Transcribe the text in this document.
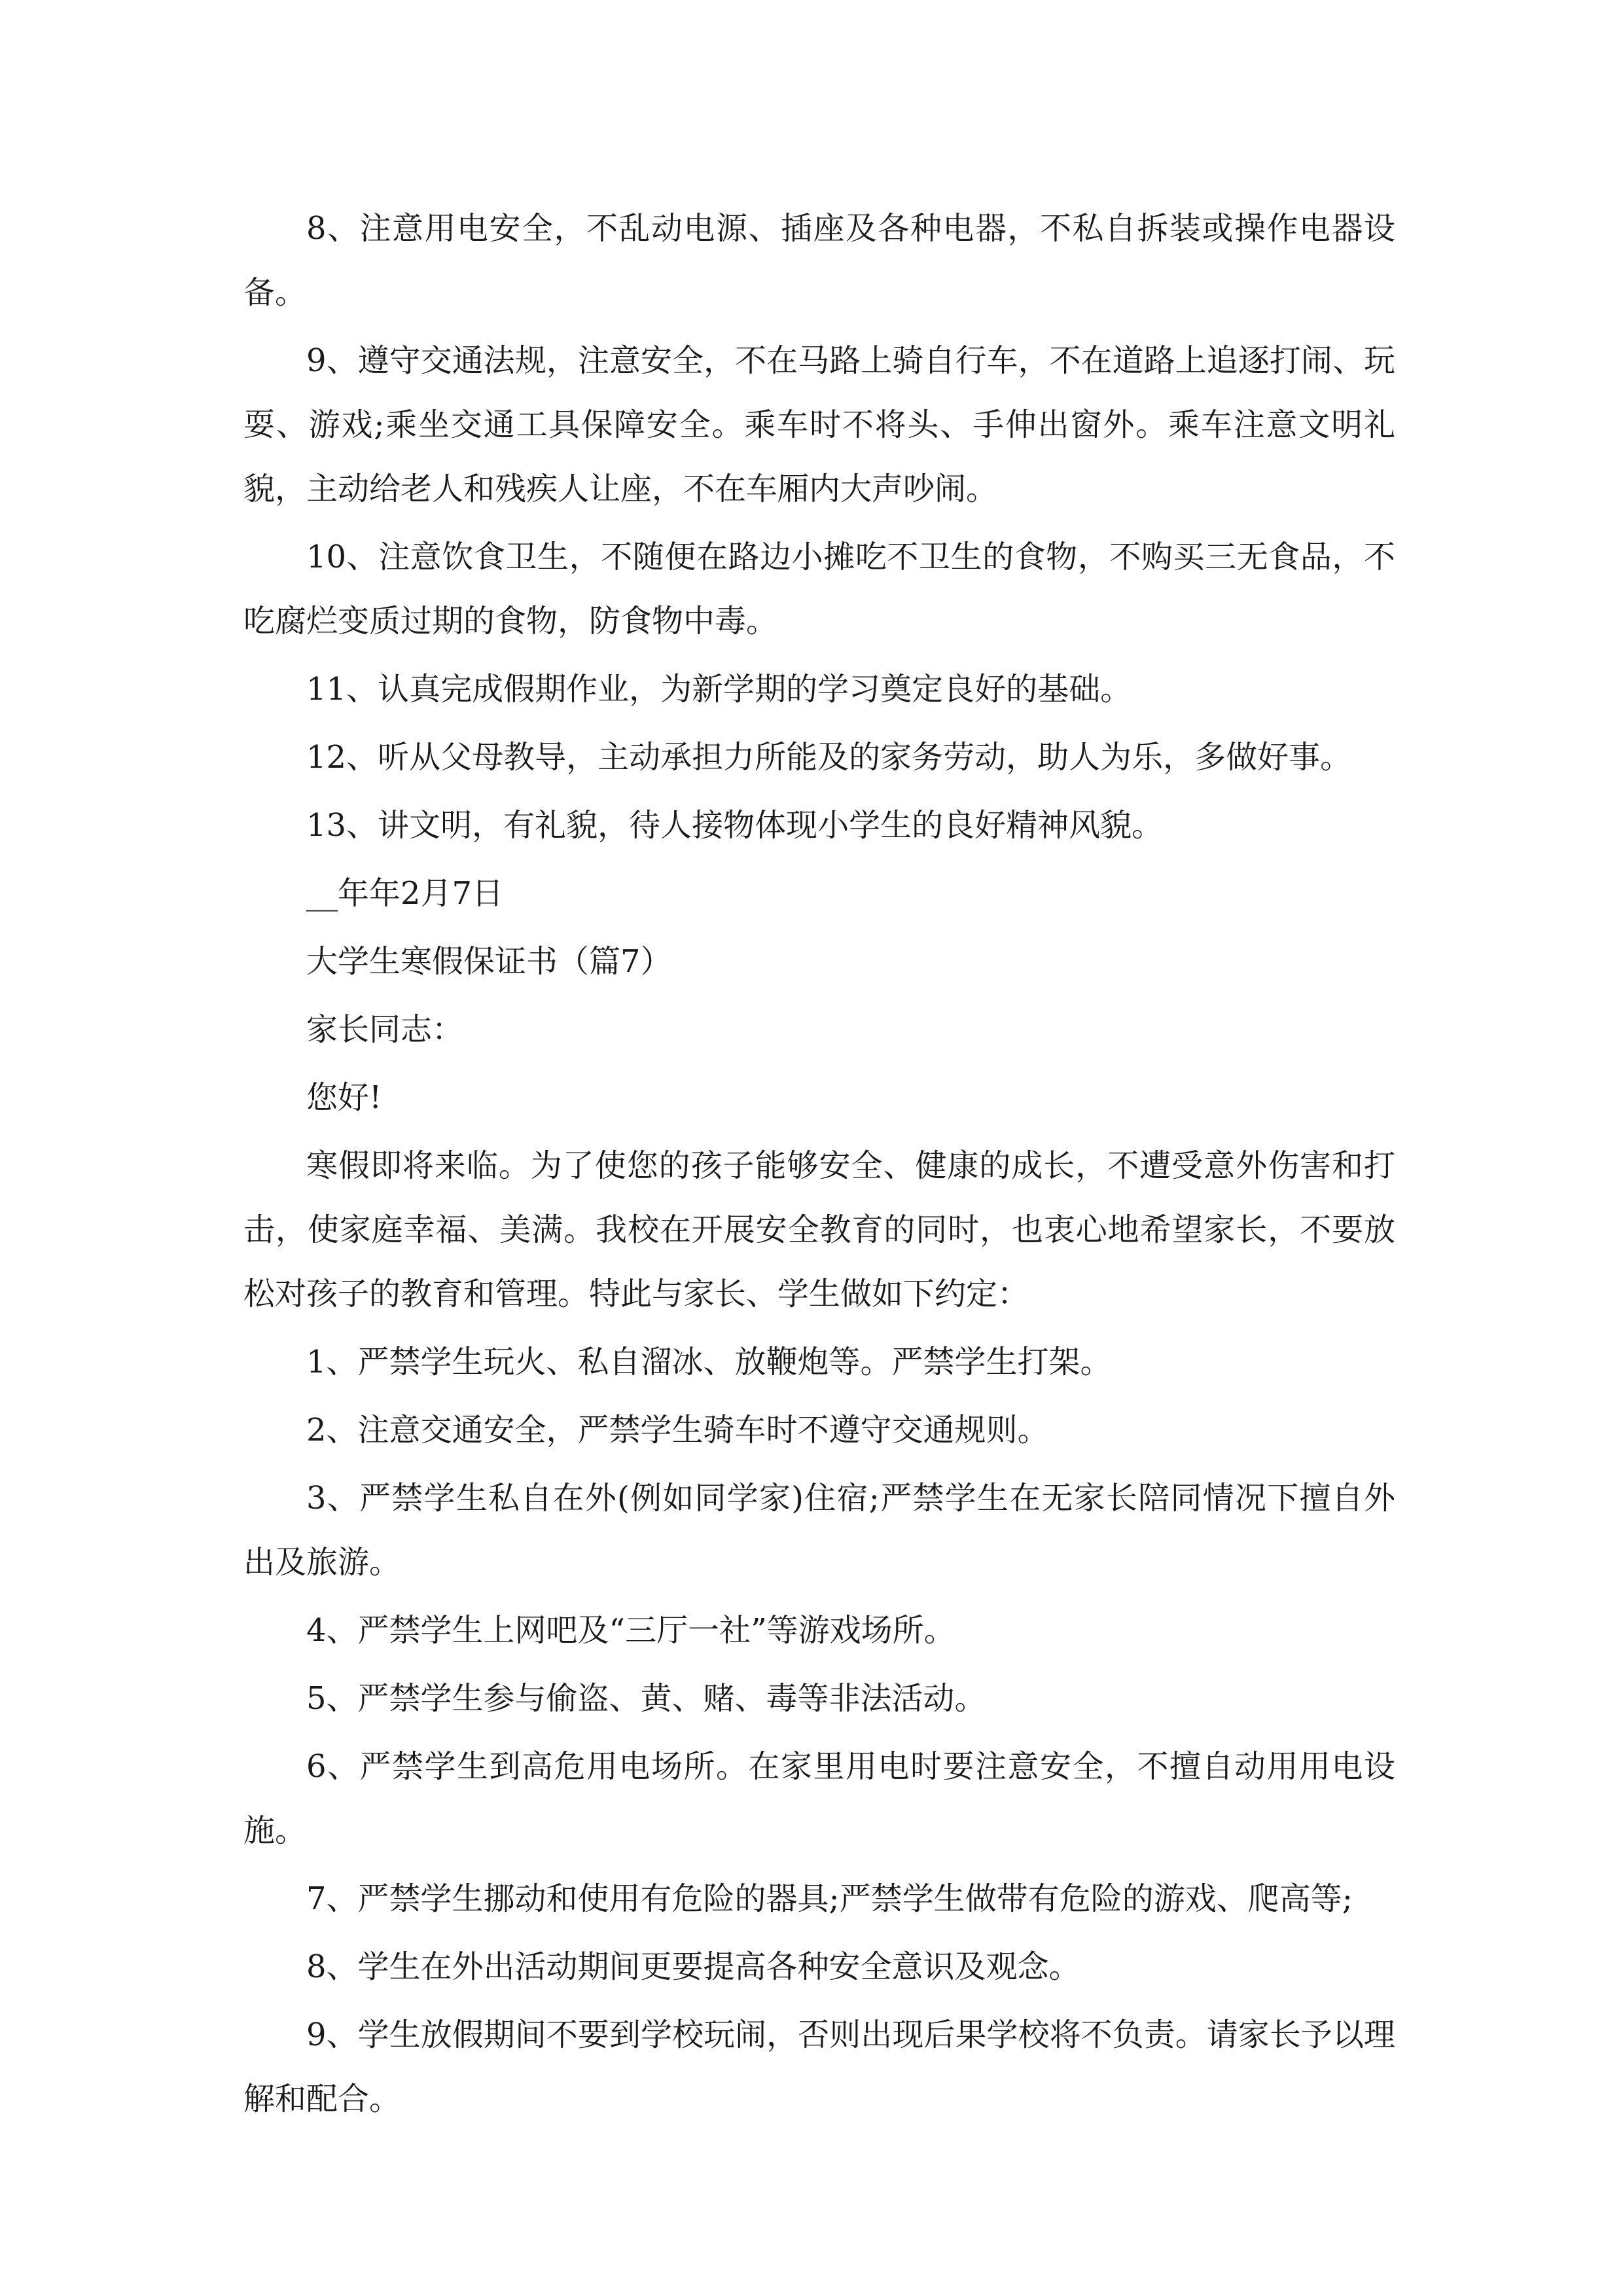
8、注意用电安全，不乱动电源、插座及各种电器，不私自拆装或操作电器设备。

9、遵守交通法规，注意安全，不在马路上骑自行车，不在道路上追逐打闹、玩耍、游戏;乘坐交通工具保障安全。乘车时不将头、手伸出窗外。乘车注意文明礼貌，主动给老人和残疾人让座，不在车厢内大声吵闹。

10、注意饮食卫生，不随便在路边小摊吃不卫生的食物，不购买三无食品，不吃腐烂变质过期的食物，防食物中毒。

11、认真完成假期作业，为新学期的学习奠定良好的基础。

12、听从父母教导，主动承担力所能及的家务劳动，助人为乐，多做好事。

13、讲文明，有礼貌，待人接物体现小学生的良好精神风貌。

__年年2月7日

大学生寒假保证书（篇7）

家长同志：

您好!

寒假即将来临。为了使您的孩子能够安全、健康的成长，不遭受意外伤害和打击，使家庭幸福、美满。我校在开展安全教育的同时，也衷心地希望家长，不要放松对孩子的教育和管理。特此与家长、学生做如下约定：

1、严禁学生玩火、私自溜冰、放鞭炮等。严禁学生打架。

2、注意交通安全，严禁学生骑车时不遵守交通规则。

3、严禁学生私自在外(例如同学家)住宿;严禁学生在无家长陪同情况下擅自外出及旅游。

4、严禁学生上网吧及“三厅一社”等游戏场所。

5、严禁学生参与偷盗、黄、赌、毒等非法活动。

6、严禁学生到高危用电场所。在家里用电时要注意安全，不擅自动用用电设施。

7、严禁学生挪动和使用有危险的器具;严禁学生做带有危险的游戏、爬高等;

8、学生在外出活动期间更要提高各种安全意识及观念。

9、学生放假期间不要到学校玩闹，否则出现后果学校将不负责。请家长予以理解和配合。
